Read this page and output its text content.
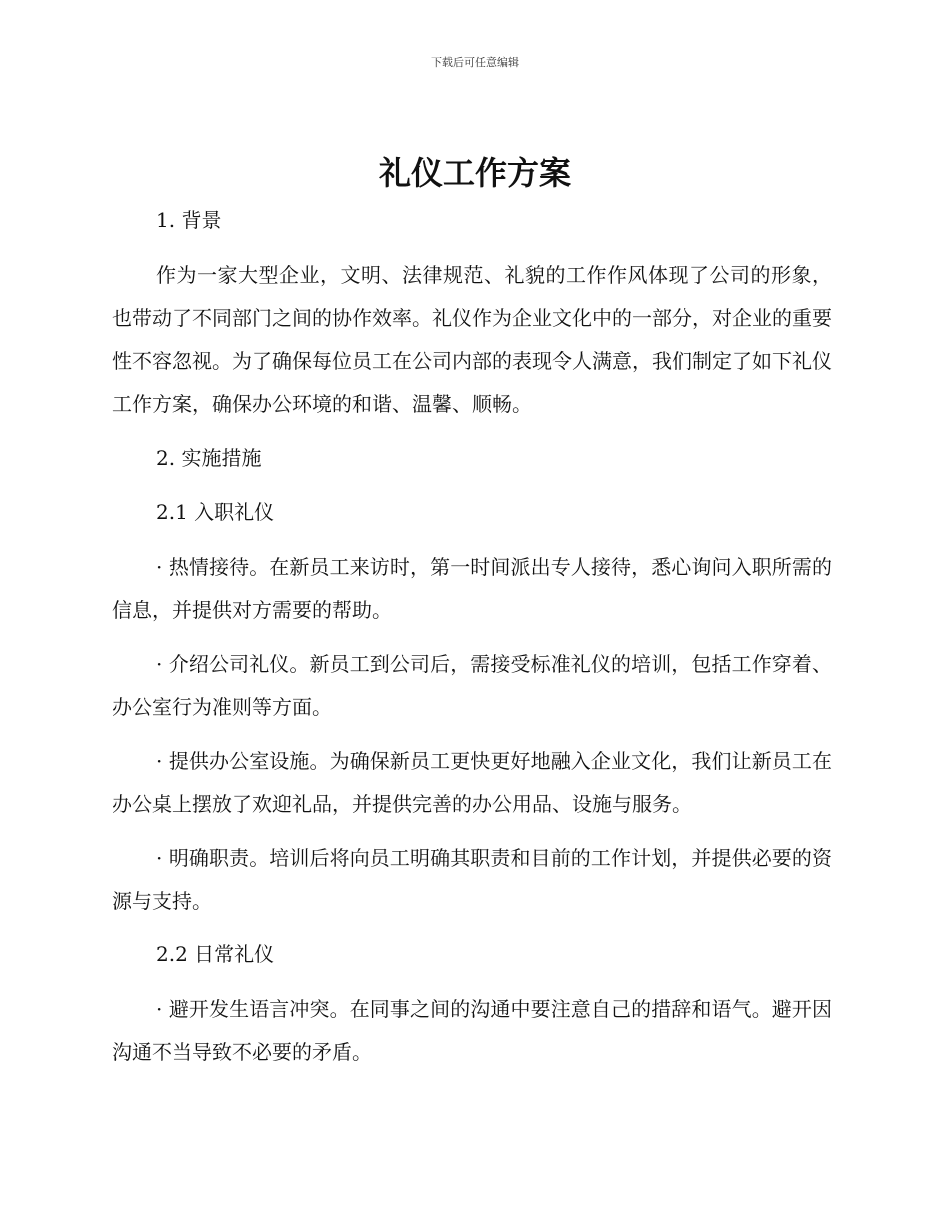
下载后可任意编辑
礼仪工作方案
1. 背景

作为一家大型企业，文明、法律规范、礼貌的工作作风体现了公司的形象，也带动了不同部门之间的协作效率。礼仪作为企业文化中的一部分，对企业的重要性不容忽视。为了确保每位员工在公司内部的表现令人满意，我们制定了如下礼仪工作方案，确保办公环境的和谐、温馨、顺畅。

2. 实施措施
2.1 入职礼仪

· 热情接待。在新员工来访时，第一时间派出专人接待，悉心询问入职所需的信息，并提供对方需要的帮助。

· 介绍公司礼仪。新员工到公司后，需接受标准礼仪的培训，包括工作穿着、办公室行为准则等方面。

· 提供办公室设施。为确保新员工更快更好地融入企业文化，我们让新员工在办公桌上摆放了欢迎礼品，并提供完善的办公用品、设施与服务。

· 明确职责。培训后将向员工明确其职责和目前的工作计划，并提供必要的资源与支持。

2.2 日常礼仪

· 避开发生语言冲突。在同事之间的沟通中要注意自己的措辞和语气。避开因沟通不当导致不必要的矛盾。
